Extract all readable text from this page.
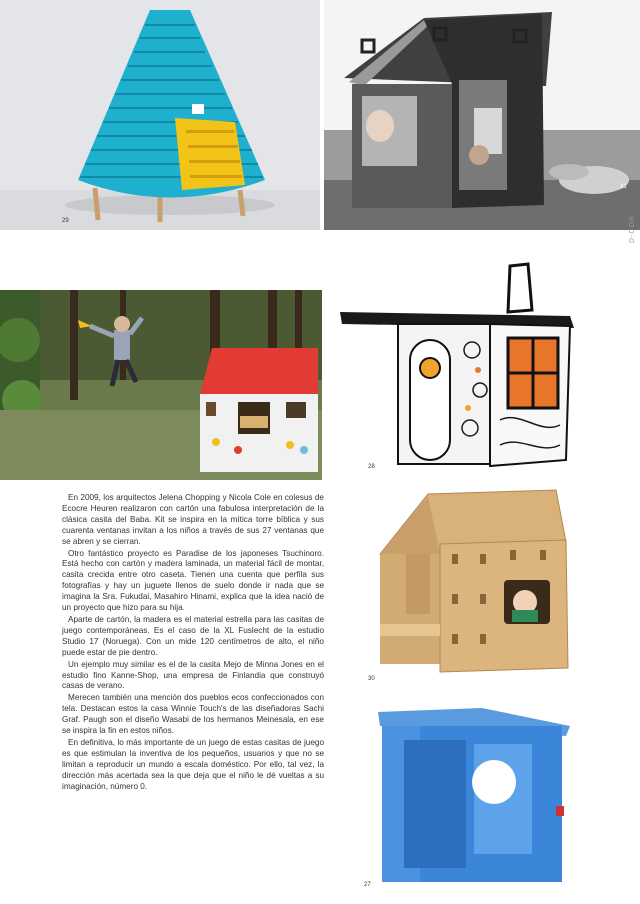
29
31
D-COR
28
30
27

En 2009, los arquitectos Jelena Chopping y Nicola Cole en colesus de Ecocre Heuren realizaron con cartón una fabulosa interpretación de la clásica casita del Baba. Kit se inspira en la mítica torre bíblica y sus cuarenta ventanas invitan a los niños a través de sus 27 ventanas que se abren y se cierran.

Otro fantástico proyecto es Paradise de los japoneses Tsuchinoro. Está hecho con cartón y madera laminada, un material fácil de montar, casita crecida entre otro caseta. Tienen una cuenta que perfila sus fotografías y hay un juguete llenos de suelo donde ir nada que se imagina la Sra. Fukudai, Masahiro Hinami, explica que la idea nació de un proyecto que hizo para su hija.

Aparte de cartón, la madera es el material estrella para las casitas de juego contemporáneas. Es el caso de la XL Fuslecht de la estudio Studio 17 (Noruega). Con un mide 120 centímetros de alto, el niño puede estar de pie dentro.

Un ejemplo muy similar es el de la casita Mejo de Minna Jones en el estudio fino Kanne-Shop, una empresa de Finlandia que construyó casas de verano.

Merecen también una mención dos pueblos ecos confeccionados con tela. Destacan estos la casa Winnie Touch's de las diseñadoras Sachi Graf. Paugh son el diseño Wasabi de los hermanos Meinesala, en ese se inspira la fin en estos niños.

En definitiva, lo más importante de un juego de estas casitas de juego es que estimulan la inventiva de los pequeños, usuarios y que no se limitan a reproducir un mundo a escala doméstico. Por ello, tal vez, la dirección más acertada sea la que deja que el niño le dé vueltas a su imaginación, número 0.
